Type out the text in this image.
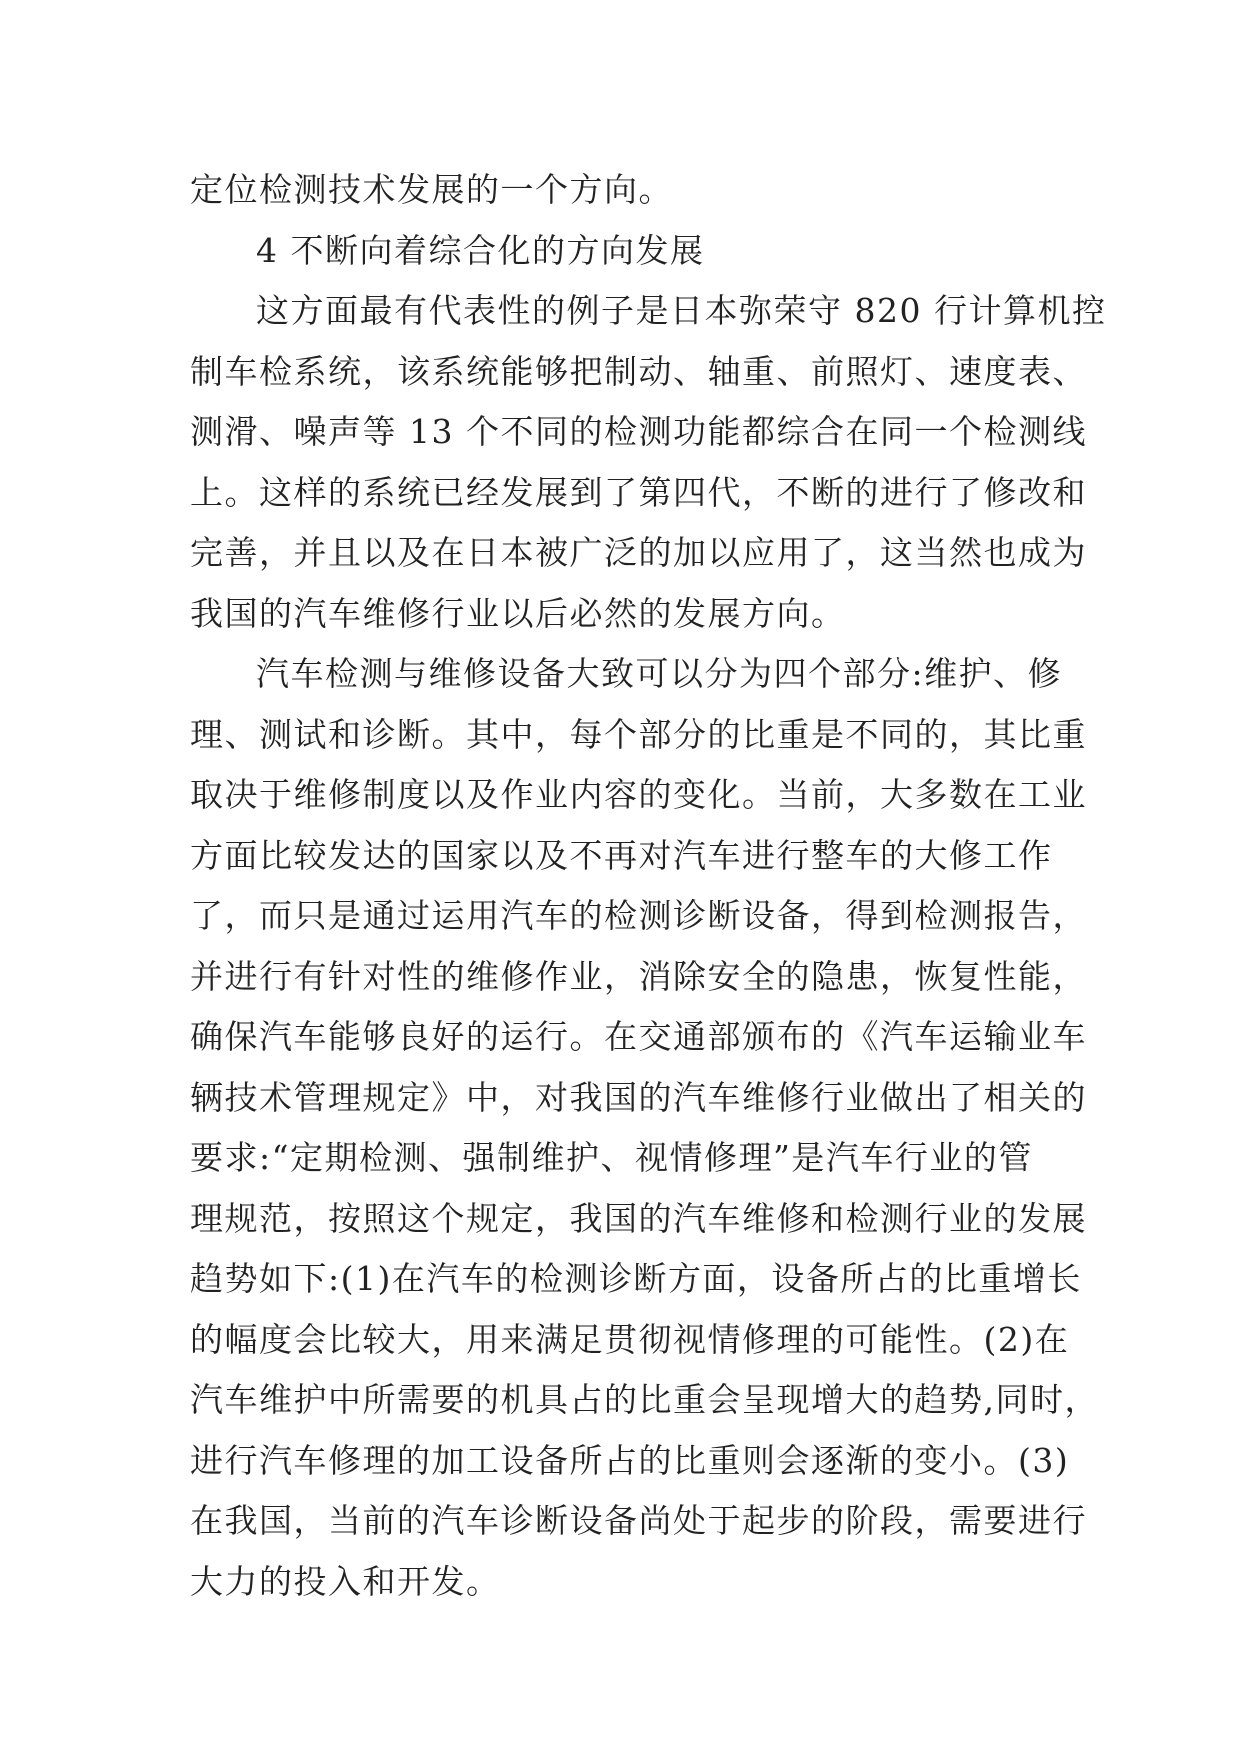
定位检测技术发展的一个方向。
4 不断向着综合化的方向发展
这方面最有代表性的例子是日本弥荣守 820 行计算机控
制车检系统，该系统能够把制动、轴重、前照灯、速度表、
测滑、噪声等 13 个不同的检测功能都综合在同一个检测线
上。这样的系统已经发展到了第四代，不断的进行了修改和
完善，并且以及在日本被广泛的加以应用了，这当然也成为
我国的汽车维修行业以后必然的发展方向。
汽车检测与维修设备大致可以分为四个部分:维护、修
理、测试和诊断。其中，每个部分的比重是不同的，其比重
取决于维修制度以及作业内容的变化。当前，大多数在工业
方面比较发达的国家以及不再对汽车进行整车的大修工作
了，而只是通过运用汽车的检测诊断设备，得到检测报告，
并进行有针对性的维修作业，消除安全的隐患，恢复性能，
确保汽车能够良好的运行。在交通部颁布的《汽车运输业车
辆技术管理规定》中，对我国的汽车维修行业做出了相关的
要求:“定期检测、强制维护、视情修理”是汽车行业的管
理规范，按照这个规定，我国的汽车维修和检测行业的发展
趋势如下:(1)在汽车的检测诊断方面，设备所占的比重增长
的幅度会比较大，用来满足贯彻视情修理的可能性。(2)在
汽车维护中所需要的机具占的比重会呈现增大的趋势,同时，
进行汽车修理的加工设备所占的比重则会逐渐的变小。(3)
在我国，当前的汽车诊断设备尚处于起步的阶段，需要进行
大力的投入和开发。
